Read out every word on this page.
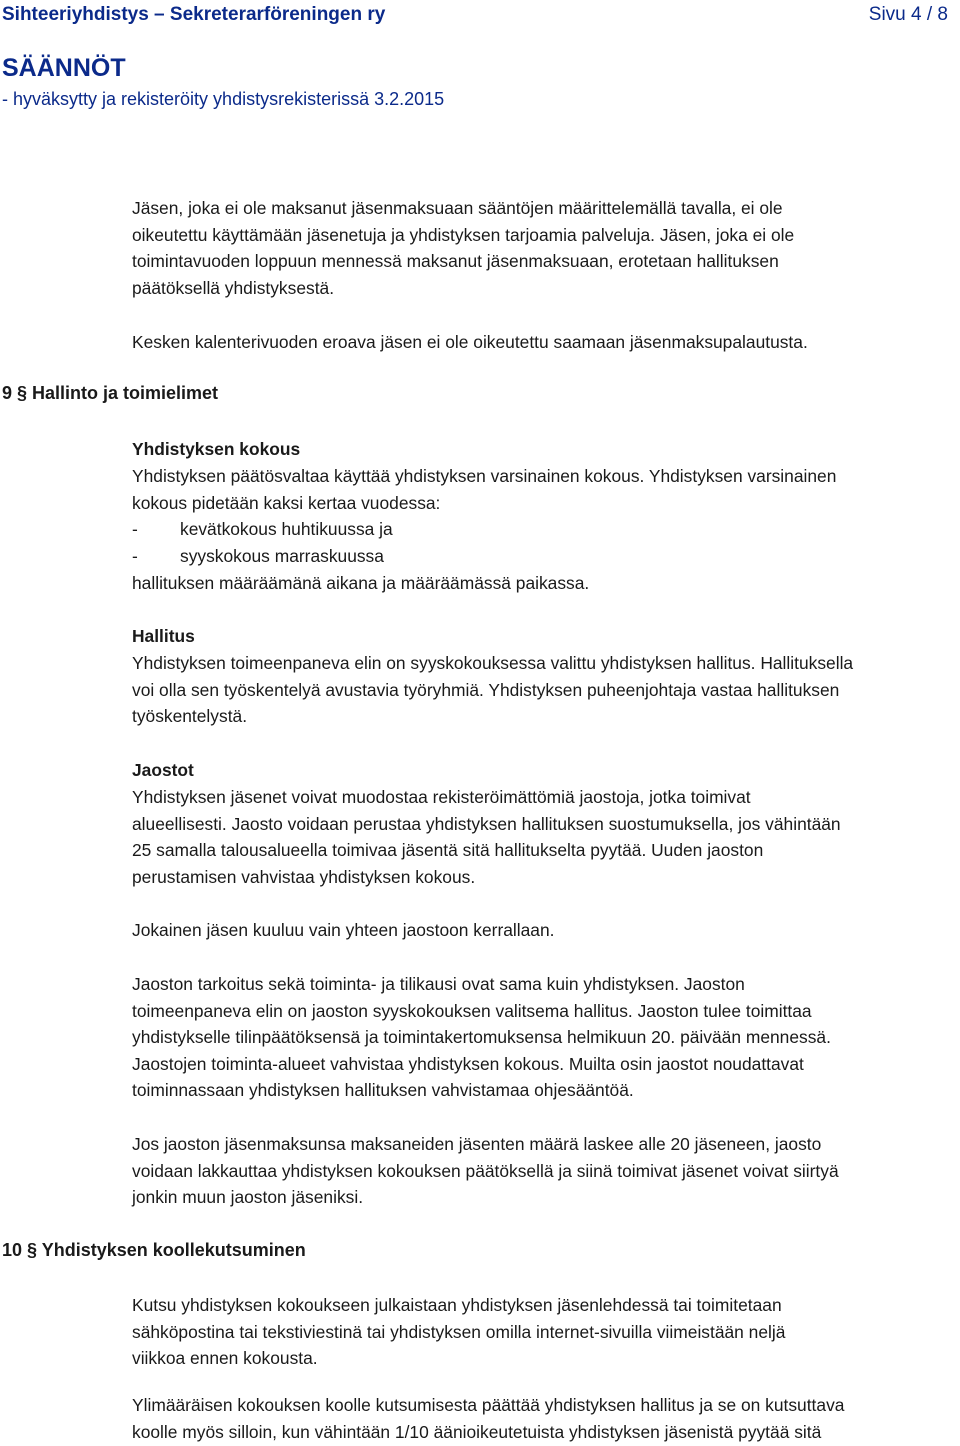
Sihteeriyhdistys – Sekreterarföreningen ry	Sivu 4 / 8
SÄÄNNÖT
- hyväksytty ja rekisteröity yhdistysrekisterissä 3.2.2015
Jäsen, joka ei ole maksanut jäsenmaksuaan sääntöjen määrittelemällä tavalla, ei ole
oikeutettu käyttämään jäsenetuja ja yhdistyksen tarjoamia palveluja. Jäsen, joka ei ole
toimintavuoden loppuun mennessä maksanut jäsenmaksuaan, erotetaan hallituksen
päätöksellä yhdistyksestä.
Kesken kalenterivuoden eroava jäsen ei ole oikeutettu saamaan jäsenmaksupalautusta.
9 § Hallinto ja toimielimet
Yhdistyksen kokous
Yhdistyksen päätösvaltaa käyttää yhdistyksen varsinainen kokous. Yhdistyksen varsinainen
kokous pidetään kaksi kertaa vuodessa:
- kevätkokous huhtikuussa ja
- syyskokous marraskuussa
hallituksen määräämänä aikana ja määräämässä paikassa.
Hallitus
Yhdistyksen toimeenpaneva elin on syyskokouksessa valittu yhdistyksen hallitus. Hallituksella
voi olla sen työskentelyä avustavia työryhmiä. Yhdistyksen puheenjohtaja vastaa hallituksen
työskentelystä.
Jaostot
Yhdistyksen jäsenet voivat muodostaa rekisteröimättömiä jaostoja, jotka toimivat
alueellisesti. Jaosto voidaan perustaa yhdistyksen hallituksen suostumuksella, jos vähintään
25 samalla talousalueella toimivaa jäsentä sitä hallitukselta pyytää. Uuden jaoston
perustamisen vahvistaa yhdistyksen kokous.
Jokainen jäsen kuuluu vain yhteen jaostoon kerrallaan.
Jaoston tarkoitus sekä toiminta- ja tilikausi ovat sama kuin yhdistyksen. Jaoston
toimeenpaneva elin on jaoston syyskokouksen valitsema hallitus. Jaoston tulee toimittaa
yhdistykselle tilinpäätöksensä ja toimintakertomuksensa helmikuun 20. päivään mennessä.
Jaostojen toiminta-alueet vahvistaa yhdistyksen kokous. Muilta osin jaostot noudattavat
toiminnassaan yhdistyksen hallituksen vahvistamaa ohjesääntöä.
Jos jaoston jäsenmaksunsa maksaneiden jäsenten määrä laskee alle 20 jäseneen, jaosto
voidaan lakkauttaa yhdistyksen kokouksen päätöksellä ja siinä toimivat jäsenet voivat siirtyä
jonkin muun jaoston jäseniksi.
10 § Yhdistyksen koollekutsuminen
Kutsu yhdistyksen kokoukseen julkaistaan yhdistyksen jäsenlehdessä tai toimitetaan
sähköpostina tai tekstiviestinä tai yhdistyksen omilla internet-sivuilla viimeistään neljä
viikkoa ennen kokousta.
Ylimääräisen kokouksen koolle kutsumisesta päättää yhdistyksen hallitus ja se on kutsuttava
koolle myös silloin, kun vähintään 1/10 äänioikeutetuista yhdistyksen jäsenistä pyytää sitä
